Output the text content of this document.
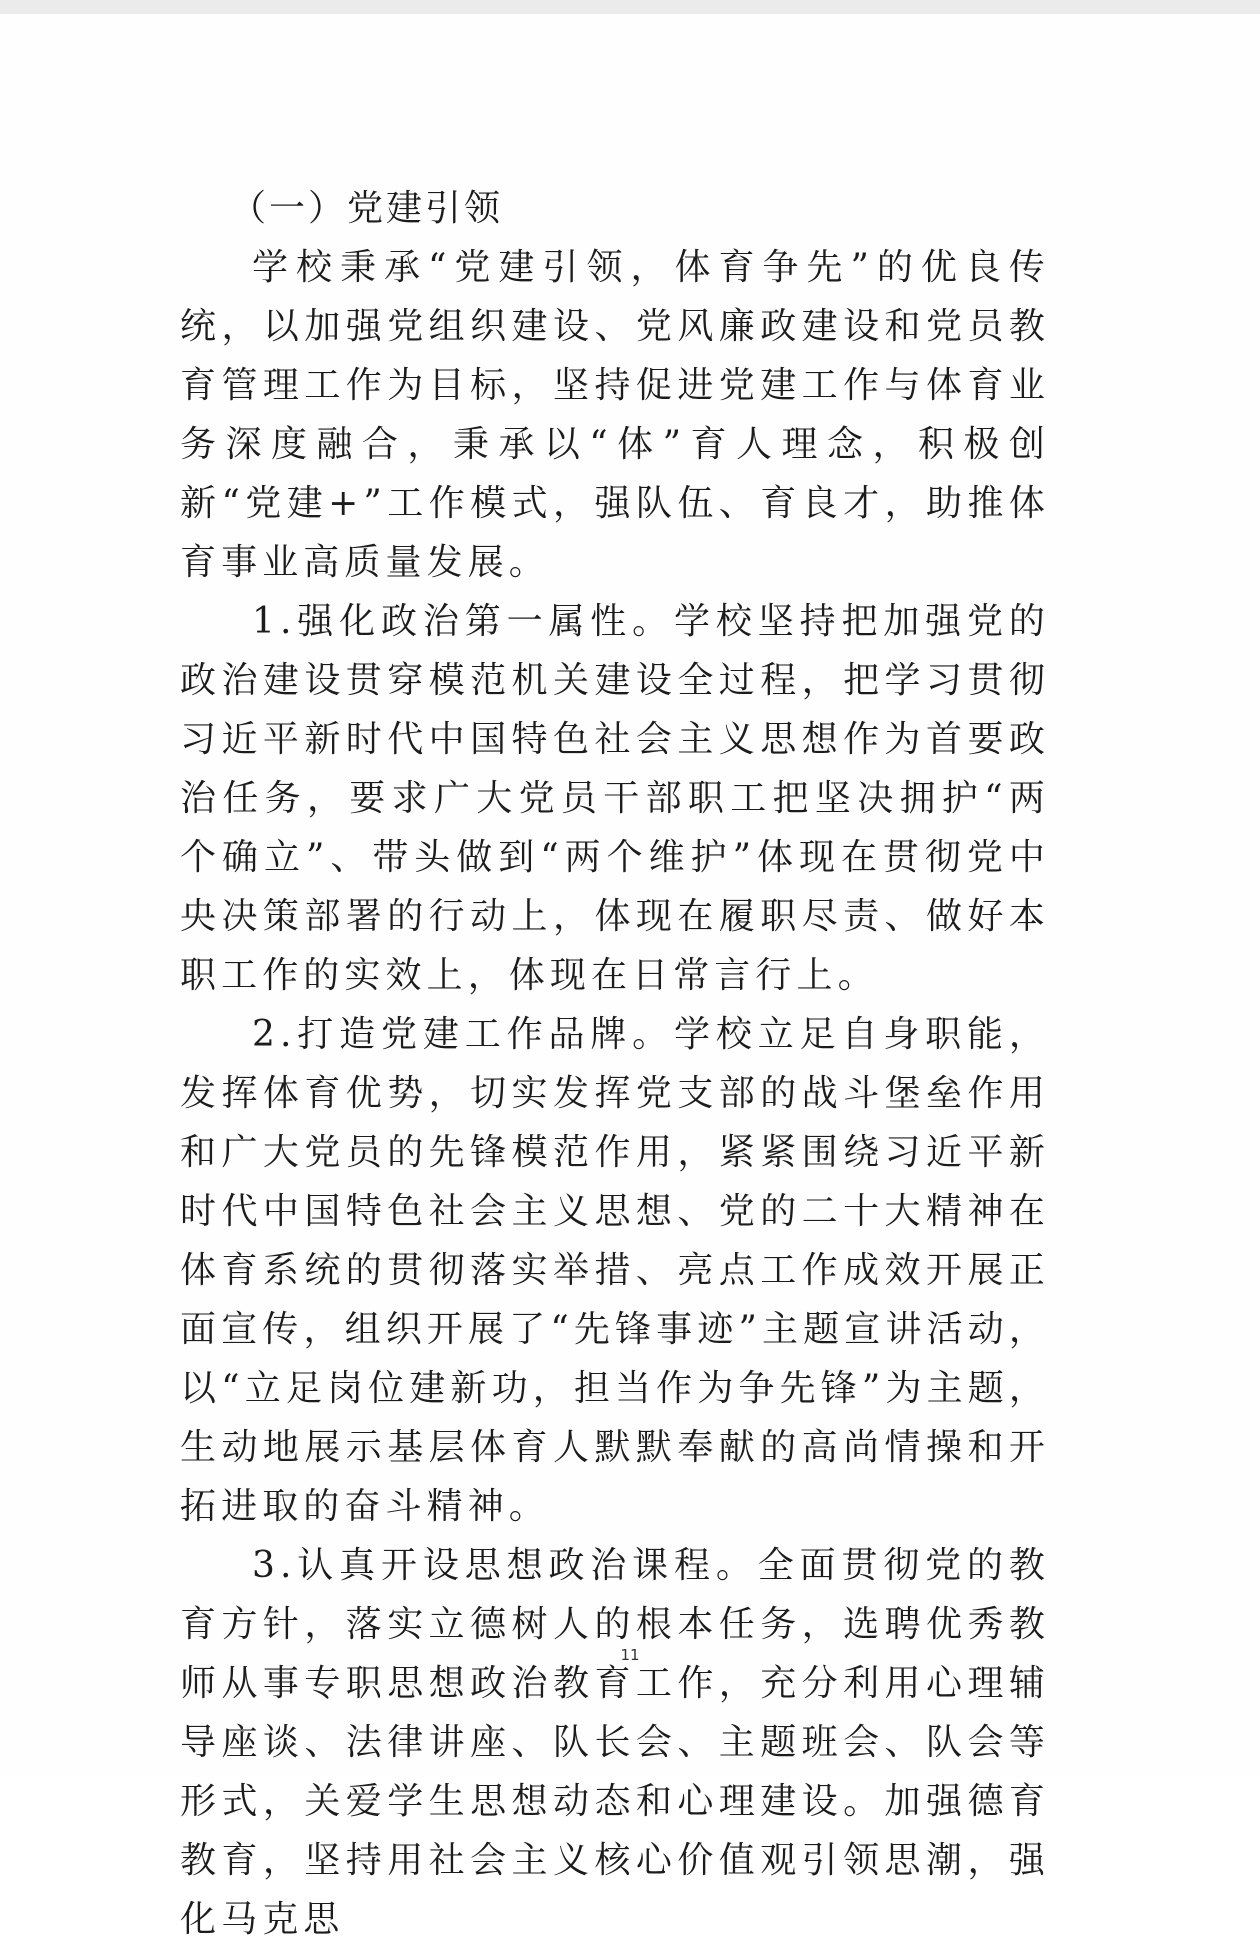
（一）党建引领

学校秉承“党建引领，体育争先”的优良传统，以加强党组织建设、党风廉政建设和党员教育管理工作为目标，坚持促进党建工作与体育业务深度融合，秉承以“体”育人理念，积极创新“党建+”工作模式，强队伍、育良才，助推体育事业高质量发展。

1.强化政治第一属性。学校坚持把加强党的政治建设贯穿模范机关建设全过程，把学习贯彻习近平新时代中国特色社会主义思想作为首要政治任务，要求广大党员干部职工把坚决拥护“两个确立”、带头做到“两个维护”体现在贯彻党中央决策部署的行动上，体现在履职尽责、做好本职工作的实效上，体现在日常言行上。

2.打造党建工作品牌。学校立足自身职能，发挥体育优势，切实发挥党支部的战斗堡垒作用和广大党员的先锋模范作用，紧紧围绕习近平新时代中国特色社会主义思想、党的二十大精神在体育系统的贯彻落实举措、亮点工作成效开展正面宣传，组织开展了“先锋事迹”主题宣讲活动，以“立足岗位建新功，担当作为争先锋”为主题，生动地展示基层体育人默默奉献的高尚情操和开拓进取的奋斗精神。

3.认真开设思想政治课程。全面贯彻党的教育方针，落实立德树人的根本任务，选聘优秀教师从事专职思想政治教育工作，充分利用心理辅导座谈、法律讲座、队长会、主题班会、队会等形式，关爱学生思想动态和心理建设。加强德育教育，坚持用社会主义核心价值观引领思潮，强化马克思

11
